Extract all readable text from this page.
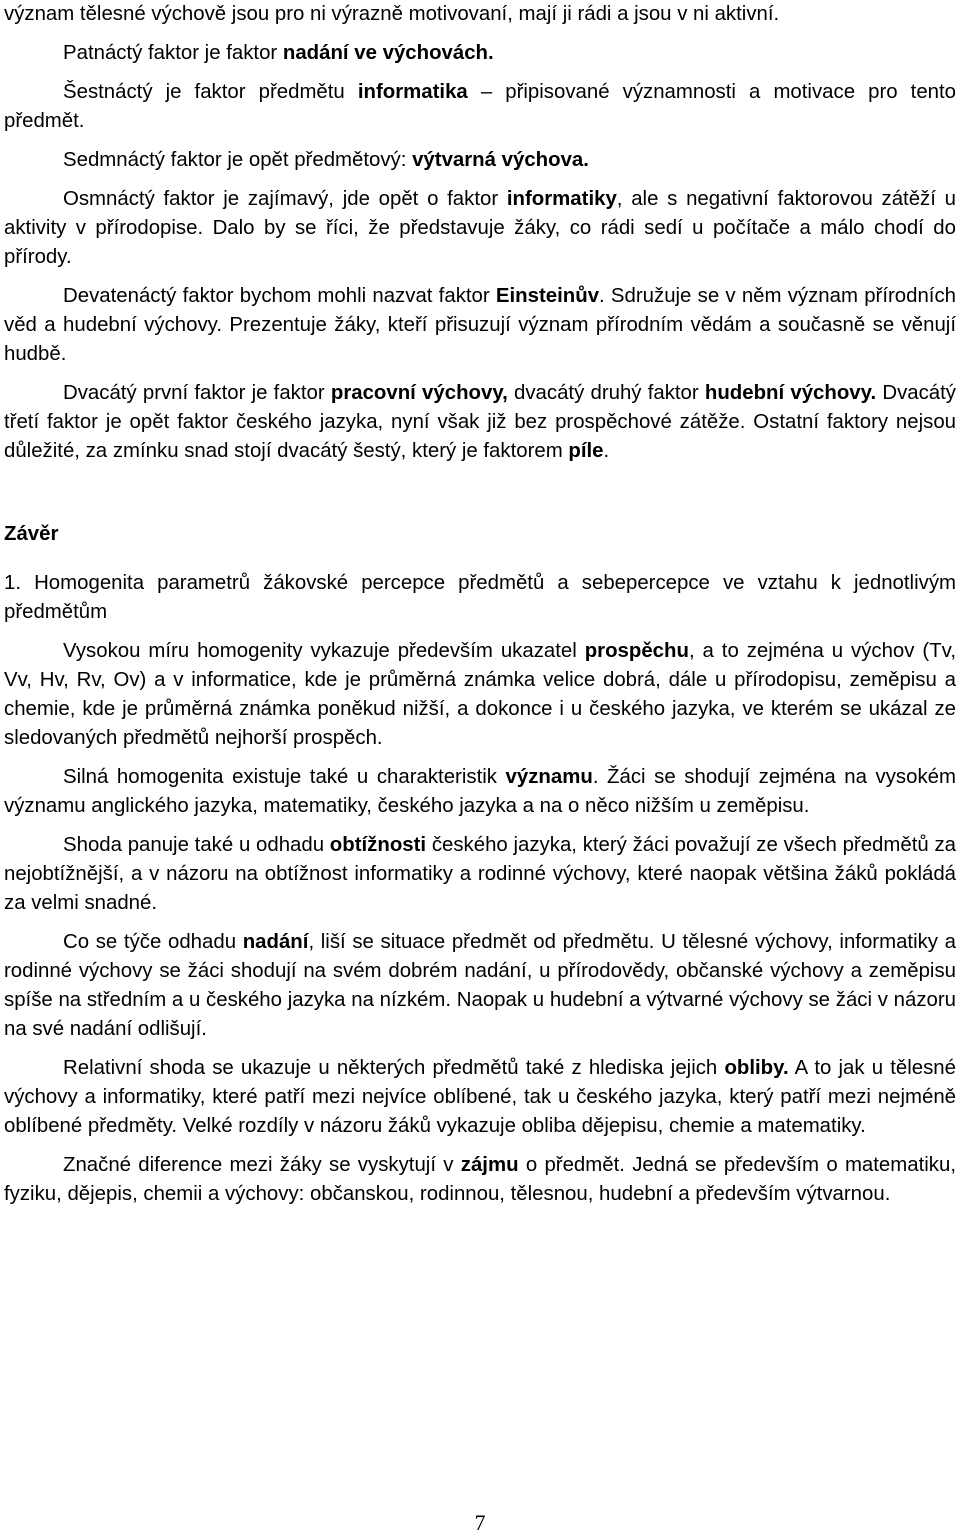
význam tělesné výchově jsou pro ni výrazně motivovaní, mají ji rádi a jsou v ni aktivní.

Patnáctý faktor je faktor nadání ve výchovách.

Šestnáctý je faktor předmětu informatika – připisované významnosti a motivace pro tento předmět.

Sedmnáctý faktor je opět předmětový: výtvarná výchova.

Osmnáctý faktor je zajímavý, jde opět o faktor informatiky, ale s negativní faktorovou zátěží u aktivity v přírodopise. Dalo by se říci, že představuje žáky, co rádi sedí u počítače a málo chodí do přírody.

Devatenáctý faktor bychom mohli nazvat faktor Einsteinův. Sdružuje se v něm význam přírodních věd a hudební výchovy. Prezentuje žáky, kteří přisuzují význam přírodním vědám a současně se věnují hudbě.

Dvacátý první faktor je faktor pracovní výchovy, dvacátý druhý faktor hudební výchovy. Dvacátý třetí faktor je opět faktor českého jazyka, nyní však již bez prospěchové zátěže. Ostatní faktory nejsou důležité, za zmínku snad stojí dvacátý šestý, který je faktorem píle.

Závěr
1. Homogenita parametrů žákovské percepce předmětů a sebepercepce ve vztahu k jednotlivým předmětům

Vysokou míru homogenity vykazuje především ukazatel prospěchu, a to zejména u výchov (Tv, Vv, Hv, Rv, Ov) a v informatice, kde je průměrná známka velice dobrá, dále u přírodopisu, zeměpisu a chemie, kde je průměrná známka poněkud nižší, a dokonce i u českého jazyka, ve kterém se ukázal ze sledovaných předmětů nejhorší prospěch.

Silná homogenita existuje také u charakteristik významu. Žáci se shodují zejména na vysokém významu anglického jazyka, matematiky, českého jazyka a na o něco nižším u zeměpisu.

Shoda panuje také u odhadu obtížnosti českého jazyka, který žáci považují ze všech předmětů za nejobtížnější, a v názoru na obtížnost informatiky a rodinné výchovy, které naopak většina žáků pokládá za velmi snadné.

Co se týče odhadu nadání, liší se situace předmět od předmětu. U tělesné výchovy, informatiky a rodinné výchovy se žáci shodují na svém dobrém nadání, u přírodovědy, občanské výchovy a zeměpisu spíše na středním a u českého jazyka na nízkém. Naopak u hudební a výtvarné výchovy se žáci v názoru na své nadání odlišují.

Relativní shoda se ukazuje u některých předmětů také z hlediska jejich obliby. A to jak u tělesné výchovy a informatiky, které patří mezi nejvíce oblíbené, tak u českého jazyka, který patří mezi nejméně oblíbené předměty. Velké rozdíly v názoru žáků vykazuje obliba dějepisu, chemie a matematiky.

Značné diference mezi žáky se vyskytují v zájmu o předmět. Jedná se především o matematiku, fyziku, dějepis, chemii a výchovy: občanskou, rodinnou, tělesnou, hudební a především výtvarnou.

7
